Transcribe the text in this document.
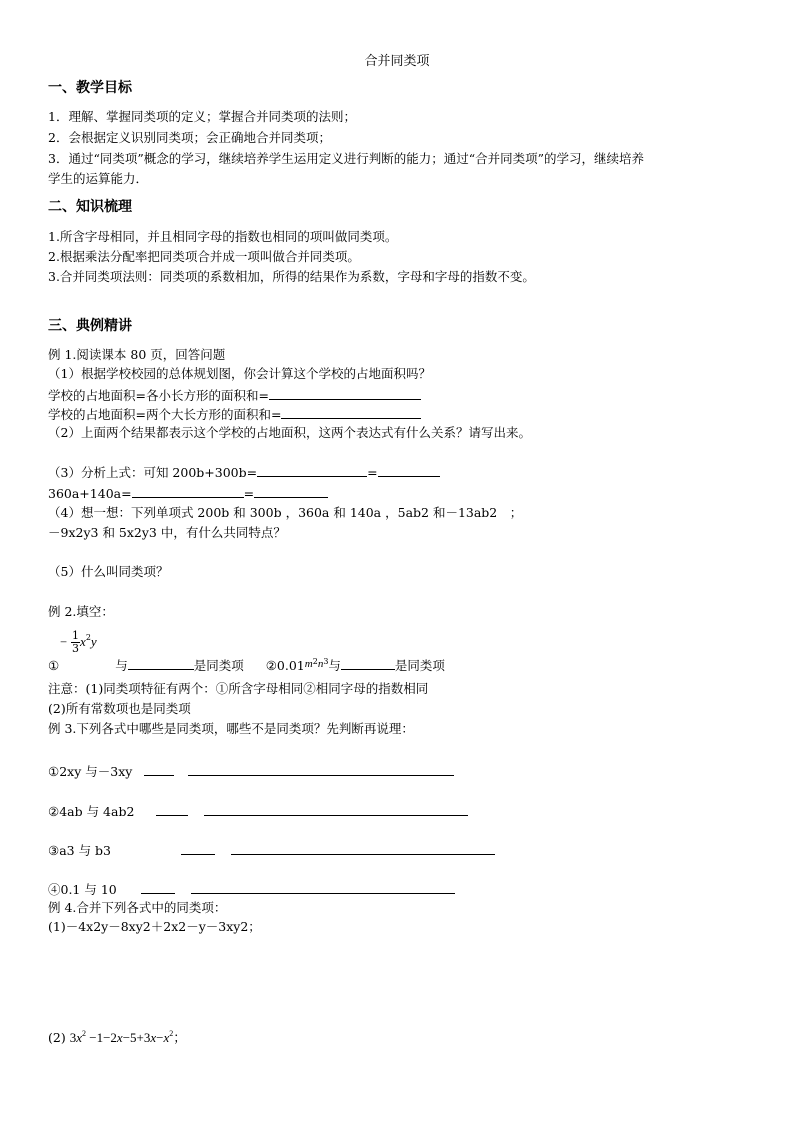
合并同类项
一、教学目标
1．理解、掌握同类项的定义；掌握合并同类项的法则；
2．会根据定义识别同类项；会正确地合并同类项；
3．通过“同类项”概念的学习，继续培养学生运用定义进行判断的能力；通过“合并同类项”的学习，继续培养
学生的运算能力．
二、知识梳理
1.所含字母相同，并且相同字母的指数也相同的项叫做同类项。
2.根据乘法分配率把同类项合并成一项叫做合并同类项。
3.合并同类项法则：同类项的系数相加，所得的结果作为系数，字母和字母的指数不变。
三、典例精讲
例 1.阅读课本 80 页，回答问题
（1）根据学校校园的总体规划图，你会计算这个学校的占地面积吗？
学校的占地面积=各小长方形的面积和=
学校的占地面积=两个大长方形的面积和=
（2）上面两个结果都表示这个学校的占地面积，这两个表达式有什么关系？请写出来。
（3）分析上式：可知 200b+300b=	=
360a+140a=	=
（4）想一想：下列单项式 200b 和 300b ，360a 和 140a ，5ab2 和－13ab2　；
－9x2y3 和 5x2y3 中，有什么共同特点？
（5）什么叫同类项？
例 2.填空：
− $\frac{1}{3} x^2y$
①	与	是同类项 $②0.01m^2n^3$与	是同类项
注意：(1)同类项特征有两个：①所含字母相同②相同字母的指数相同
(2)所有常数项也是同类项
例 3.下列各式中哪些是同类项，哪些不是同类项？先判断再说理：
①2xy 与－3xy
②4ab 与 4ab2
③a3 与 b3
④0.1 与 10
例 4.合并下列各式中的同类项：
(1)－4x2y－8xy2＋2x2－y－3xy2；
(2) $3x^2 -1-2x-5+3x-x^2$；
